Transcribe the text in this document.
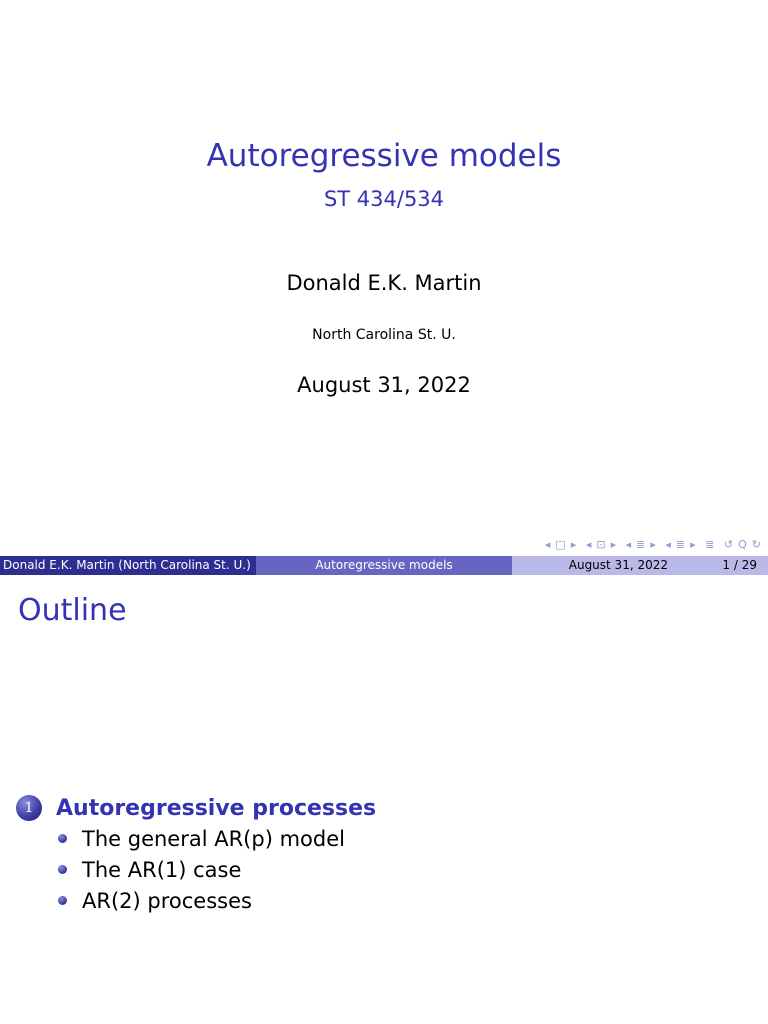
Autoregressive models
ST 434/534
Donald E.K. Martin
North Carolina St. U.
August 31, 2022
◂ □ ▸ ◂ ⊡ ▸ ◂ ≣ ▸ ◂ ≣ ▸ ≣ ↺ Q ↻
Donald E.K. Martin (North Carolina St. U.)	Autoregressive models	August 31, 2022	1 / 29
Outline
1	Autoregressive processes
The general AR(p) model
The AR(1) case
AR(2) processes
